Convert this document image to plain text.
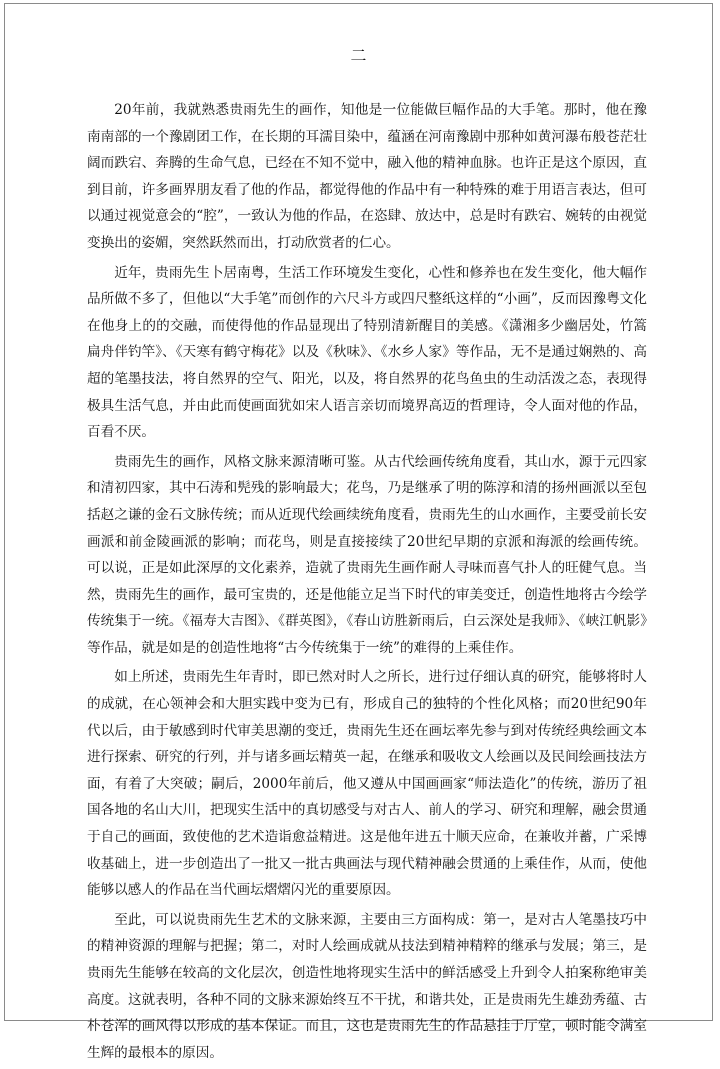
二

20年前，我就熟悉贵雨先生的画作，知他是一位能做巨幅作品的大手笔。那时，他在豫南南部的一个豫剧团工作，在长期的耳濡目染中，蕴涵在河南豫剧中那种如黄河瀑布般苍茫壮阔而跌宕、奔腾的生命气息，已经在不知不觉中，融入他的精神血脉。也许正是这个原因，直到目前，许多画界朋友看了他的作品，都觉得他的作品中有一种特殊的难于用语言表达，但可以通过视觉意会的“腔”，一致认为他的作品，在恣肆、放达中，总是时有跌宕、婉转的由视觉变换出的姿媚，突然跃然而出，打动欣赏者的仁心。

近年，贵雨先生卜居南粤，生活工作环境发生变化，心性和修养也在发生变化，他大幅作品所做不多了，但他以“大手笔”而创作的六尺斗方或四尺整纸这样的“小画”，反而因豫粤文化在他身上的的交融，而使得他的作品显现出了特别清新醒目的美感。《潇湘多少幽居处，竹篙扁舟伴钓竿》、《天寒有鹤守梅花》以及《秋味》、《水乡人家》等作品，无不是通过娴熟的、高超的笔墨技法，将自然界的空气、阳光，以及，将自然界的花鸟鱼虫的生动活泼之态，表现得极具生活气息，并由此而使画面犹如宋人语言亲切而境界高迈的哲理诗，令人面对他的作品，百看不厌。

贵雨先生的画作，风格文脉来源清晰可鉴。从古代绘画传统角度看，其山水，源于元四家和清初四家，其中石涛和髡残的影响最大；花鸟，乃是继承了明的陈淳和清的扬州画派以至包括赵之谦的金石文脉传统；而从近现代绘画续统角度看，贵雨先生的山水画作，主要受前长安画派和前金陵画派的影响；而花鸟，则是直接接续了20世纪早期的京派和海派的绘画传统。可以说，正是如此深厚的文化素养，造就了贵雨先生画作耐人寻味而喜气扑人的旺健气息。当然，贵雨先生的画作，最可宝贵的，还是他能立足当下时代的审美变迁，创造性地将古今绘学传统集于一统。《福寿大吉图》、《群英图》，《春山访胜新雨后，白云深处是我师》、《峡江帆影》等作品，就是如是的创造性地将“古今传统集于一统”的难得的上乘佳作。

如上所述，贵雨先生年青时，即已然对时人之所长，进行过仔细认真的研究，能够将时人的成就，在心领神会和大胆实践中变为已有，形成自己的独特的个性化风格；而20世纪90年代以后，由于敏感到时代审美思潮的变迁，贵雨先生还在画坛率先参与到对传统经典绘画文本进行探索、研究的行列，并与诸多画坛精英一起，在继承和吸收文人绘画以及民间绘画技法方面，有着了大突破；嗣后，2000年前后，他又遵从中国画画家“师法造化”的传统，游历了祖国各地的名山大川，把现实生活中的真切感受与对古人、前人的学习、研究和理解，融会贯通于自己的画面，致使他的艺术造诣愈益精进。这是他年进五十顺天应命，在兼收并蓄，广采博收基础上，进一步创造出了一批又一批古典画法与现代精神融会贯通的上乘佳作，从而，使他能够以感人的作品在当代画坛熠熠闪光的重要原因。

至此，可以说贵雨先生艺术的文脉来源，主要由三方面构成：第一，是对古人笔墨技巧中的精神资源的理解与把握；第二，对时人绘画成就从技法到精神精粹的继承与发展；第三，是贵雨先生能够在较高的文化层次，创造性地将现实生活中的鲜活感受上升到令人拍案称绝审美高度。这就表明，各种不同的文脉来源始终互不干扰，和谐共处，正是贵雨先生雄劲秀蕴、古朴苍浑的画风得以形成的基本保证。而且，这也是贵雨先生的作品悬挂于厅堂，顿时能令满室生辉的最根本的原因。
